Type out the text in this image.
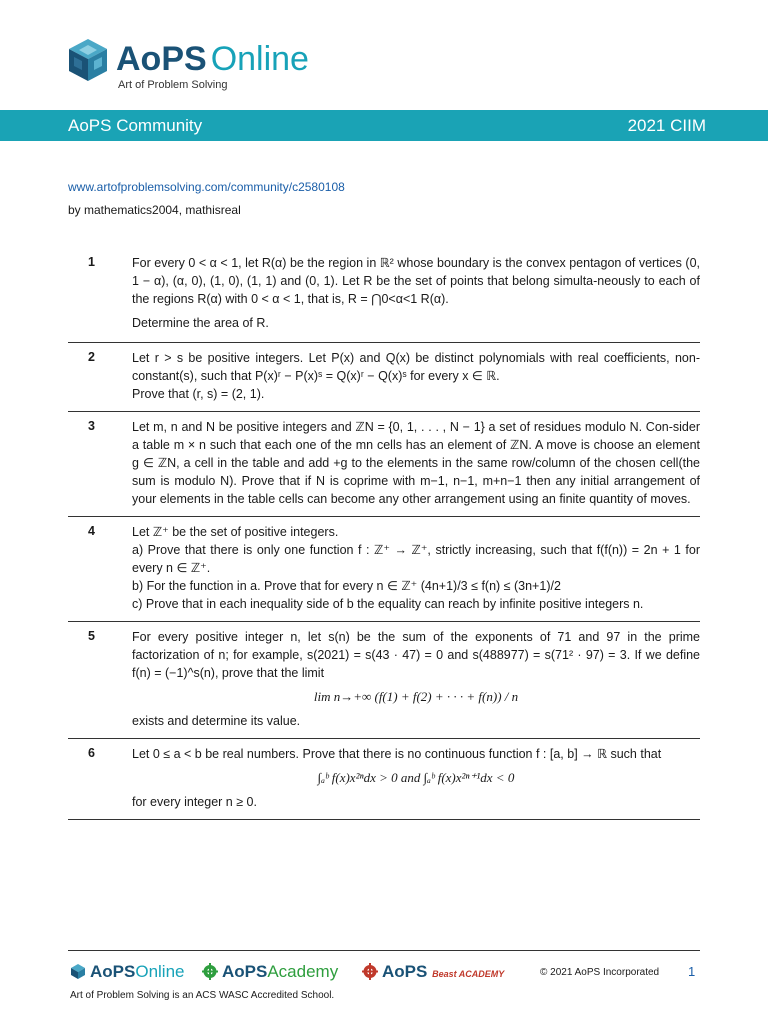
AoPS Online
Art of Problem Solving
AoPS Community	2021 CIIM
www.artofproblemsolving.com/community/c2580108
by mathematics2004, mathisreal
1	For every 0 < α < 1, let R(α) be the region in ℝ² whose boundary is the convex pentagon of vertices (0, 1 − α), (α, 0), (1, 0), (1, 1) and (0, 1). Let R be the set of points that belong simulta-neously to each of the regions R(α) with 0 < α < 1, that is, R = ⋂0<α<1 R(α).

Determine the area of R.

2	Let r > s be positive integers. Let P(x) and Q(x) be distinct polynomials with real coefficients, non-constant(s), such that P(x)ʳ − P(x)ˢ = Q(x)ʳ − Q(x)ˢ for every x ∈ ℝ.

Prove that (r, s) = (2, 1).

3	Let m, n and N be positive integers and ℤN = {0, 1, . . . , N − 1} a set of residues modulo N. Con-sider a table m × n such that each one of the mn cells has an element of ℤN. A move is choose an element g ∈ ℤN, a cell in the table and add +g to the elements in the same row/column of the chosen cell(the sum is modulo N). Prove that if N is coprime with m−1, n−1, m+n−1 then any initial arrangement of your elements in the table cells can become any other arrangement using an finite quantity of moves.

4	Let ℤ⁺ be the set of positive integers.

a) Prove that there is only one function f : ℤ⁺ → ℤ⁺, strictly increasing, such that f(f(n)) = 2n + 1 for every n ∈ ℤ⁺.

b) For the function in a. Prove that for every n ∈ ℤ⁺ (4n+1)/3 ≤ f(n) ≤ (3n+1)/2

c) Prove that in each inequality side of b the equality can reach by infinite positive integers n.

5	For every positive integer n, let s(n) be the sum of the exponents of 71 and 97 in the prime factorization of n; for example, s(2021) = s(43 · 47) = 0 and s(488977) = s(71² · 97) = 3. If we define f(n) = (−1)^s(n), prove that the limit

lim n→+∞ (f(1) + f(2) + · · · + f(n)) / n

exists and determine its value.

6	Let 0 ≤ a < b be real numbers. Prove that there is no continuous function f : [a, b] → ℝ such that

∫ₐᵇ f(x)x²ⁿdx > 0 and ∫ₐᵇ f(x)x²ⁿ⁺¹dx < 0

for every integer n ≥ 0.

AoPSOnline	AoPSAcademy	AoPS Beast ACADEMY	© 2021 AoPS Incorporated 1
Art of Problem Solving is an ACS WASC Accredited School.
